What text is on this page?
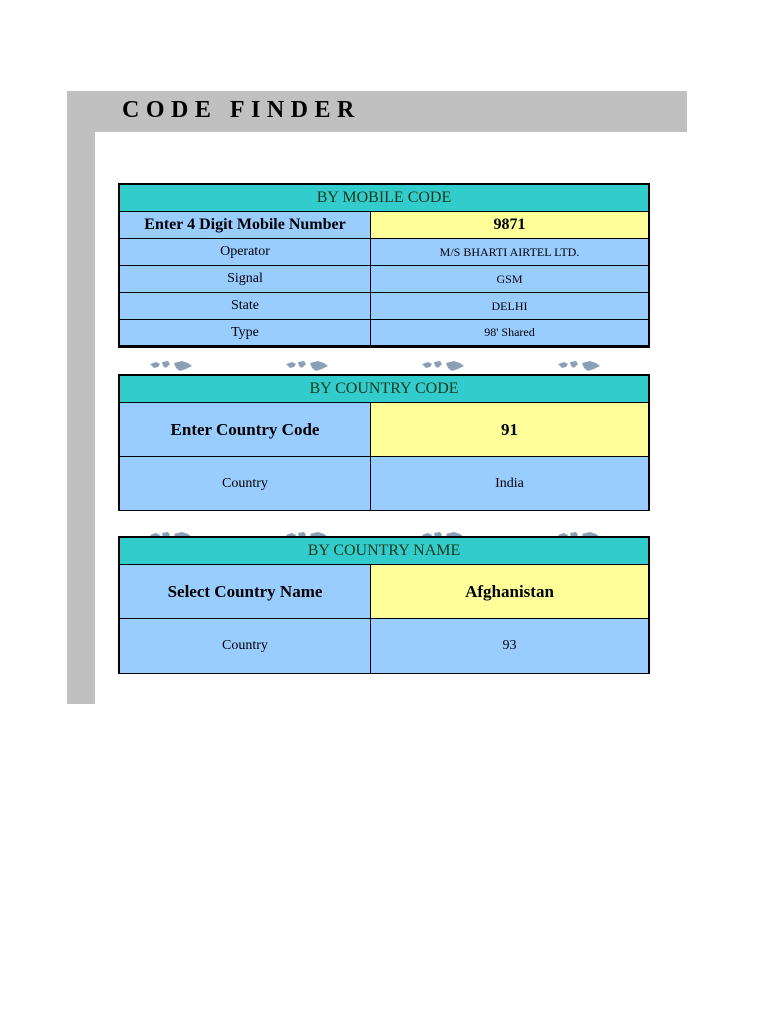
CODE FINDER
BY MOBILE CODE
Enter 4 Digit Mobile Number	9871
Operator	M/S BHARTI AIRTEL LTD.
Signal	GSM
State	DELHI
Type	98' Shared
BY COUNTRY CODE
Enter Country Code	91
Country	India
BY COUNTRY NAME
Select Country Name	Afghanistan
Country	93
